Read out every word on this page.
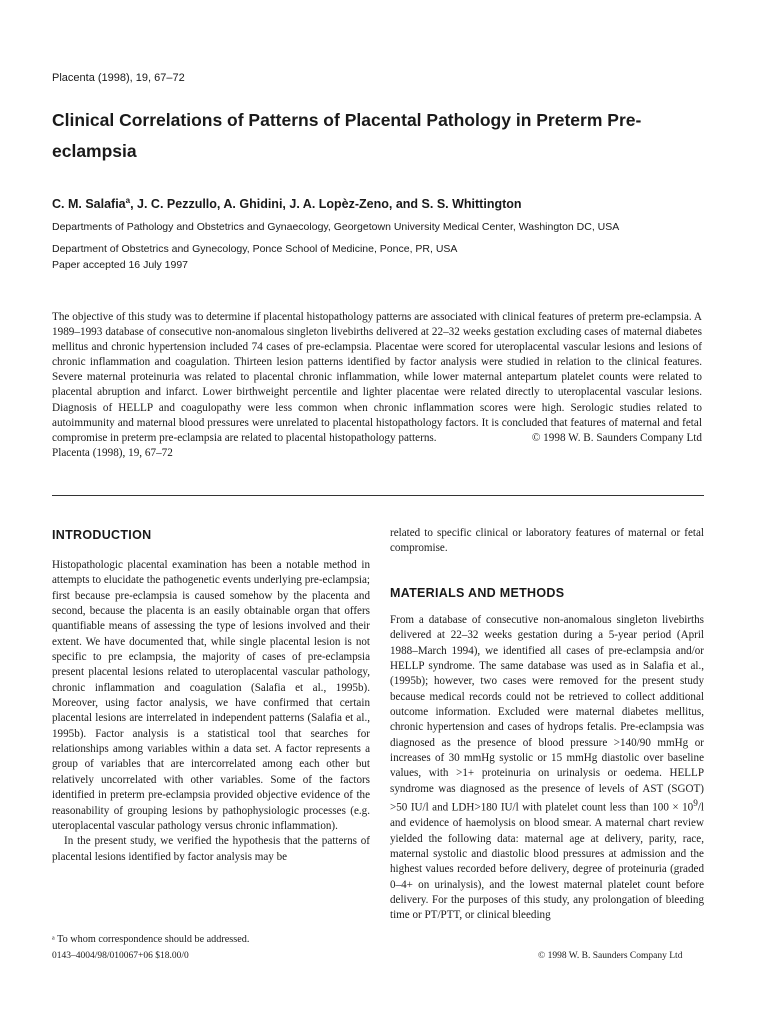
Placenta (1998), 19, 67–72
Clinical Correlations of Patterns of Placental Pathology in Preterm Pre-eclampsia
C. M. Salafia$^a$, J. C. Pezzullo, A. Ghidini, J. A. Lopèz-Zeno, and S. S. Whittington
Departments of Pathology and Obstetrics and Gynaecology, Georgetown University Medical Center, Washington DC, USA
Department of Obstetrics and Gynecology, Ponce School of Medicine, Ponce, PR, USA
Paper accepted 16 July 1997
The objective of this study was to determine if placental histopathology patterns are associated with clinical features of preterm pre-eclampsia. A 1989–1993 database of consecutive non-anomalous singleton livebirths delivered at 22–32 weeks gestation excluding cases of maternal diabetes mellitus and chronic hypertension included 74 cases of pre-eclampsia. Placentae were scored for uteroplacental vascular lesions and lesions of chronic inflammation and coagulation. Thirteen lesion patterns identified by factor analysis were studied in relation to the clinical features. Severe maternal proteinuria was related to placental chronic inflammation, while lower maternal antepartum platelet counts were related to placental abruption and infarct. Lower birthweight percentile and lighter placentae were related directly to uteroplacental vascular lesions. Diagnosis of HELLP and coagulopathy were less common when chronic inflammation scores were high. Serologic studies related to autoimmunity and maternal blood pressures were unrelated to placental histopathology factors. It is concluded that features of maternal and fetal compromise in preterm pre-eclampsia are related to placental histopathology patterns.	© 1998 W. B. Saunders Company Ltd
Placenta (1998), 19, 67–72
INTRODUCTION

Histopathologic placental examination has been a notable method in attempts to elucidate the pathogenetic events underlying pre-eclampsia; first because pre-eclampsia is caused somehow by the placenta and second, because the placenta is an easily obtainable organ that offers quantifiable means of assessing the type of lesions involved and their extent. We have documented that, while single placental lesion is not specific to pre eclampsia, the majority of cases of pre-eclampsia present placental lesions related to uteroplacental vascular pathology, chronic inflammation and coagulation (Salafia et al., 1995b). Moreover, using factor analysis, we have confirmed that certain placental lesions are interrelated in independent patterns (Salafia et al., 1995b). Factor analysis is a statistical tool that searches for relationships among variables within a data set. A factor represents a group of variables that are intercorrelated among each other but relatively uncorrelated with other variables. Some of the factors identified in preterm pre-eclampsia provided objective evidence of the reasonability of grouping lesions by pathophysiologic processes (e.g. uteroplacental vascular pathology versus chronic inflammation).

In the present study, we verified the hypothesis that the patterns of placental lesions identified by factor analysis may be

related to specific clinical or laboratory features of maternal or fetal compromise.

MATERIALS AND METHODS

From a database of consecutive non-anomalous singleton livebirths delivered at 22–32 weeks gestation during a 5-year period (April 1988–March 1994), we identified all cases of pre-eclampsia and/or HELLP syndrome. The same database was used as in Salafia et al., (1995b); however, two cases were removed for the present study because medical records could not be retrieved to collect additional outcome information. Excluded were maternal diabetes mellitus, chronic hypertension and cases of hydrops fetalis. Pre-eclampsia was diagnosed as the presence of blood pressure >140/90 mmHg or increases of 30 mmHg systolic or 15 mmHg diastolic over baseline values, with >1+ proteinuria on urinalysis or oedema. HELLP syndrome was diagnosed as the presence of levels of AST (SGOT) >50 IU/l and LDH>180 IU/l with platelet count less than $100 \times 10^9/l$ and evidence of haemolysis on blood smear. A maternal chart review yielded the following data: maternal age at delivery, parity, race, maternal systolic and diastolic blood pressures at admission and the highest values recorded before delivery, degree of proteinuria (graded 0–4+ on urinalysis), and the lowest maternal platelet count before delivery. For the purposes of this study, any prolongation of bleeding time or PT/PTT, or clinical bleeding

ᵃ To whom correspondence should be addressed.
0143–4004/98/010067+06 $18.00/0	© 1998 W. B. Saunders Company Ltd
